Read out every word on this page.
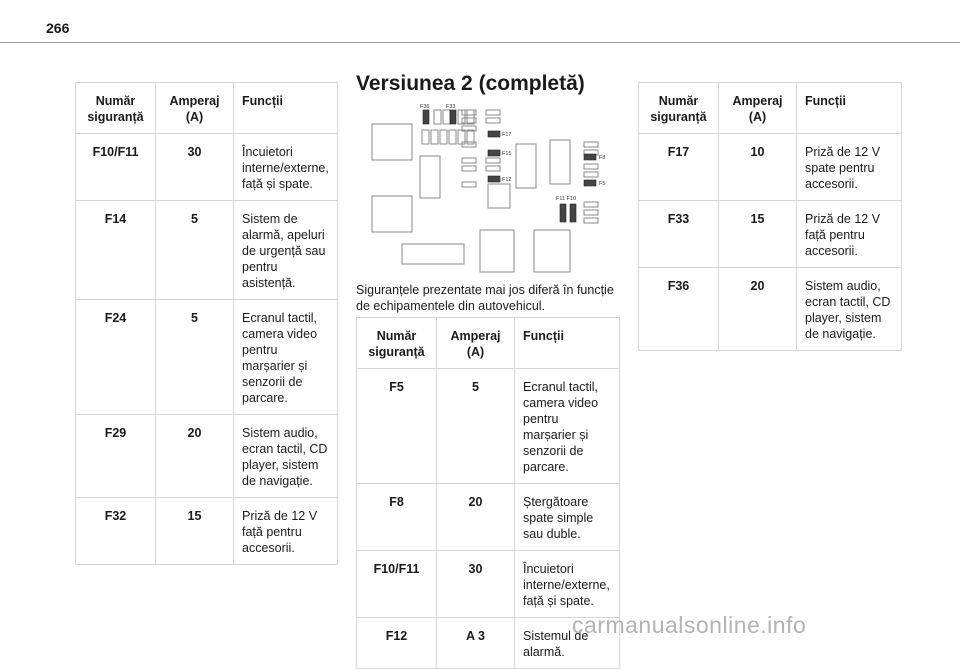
266
Număr siguranță	Amperaj (A)	Funcții
F10/F11	30	Încuietori interne/externe, față și spate.
F14	5	Sistem de alarmă, apeluri de urgență sau pentru asistență.
F24	5	Ecranul tactil, camera video pentru marșarier și senzorii de parcare.
F29	20	Sistem audio, ecran tactil, CD player, sistem de navigație.
F32	15	Priză de 12 V față pentru accesorii.
Versiunea 2 (completă)
F36	F33
F17
F15
F12
F8
F5
F11 F10
Siguranțele prezentate mai jos diferă în funcție de echipamentele din autovehicul.
Număr siguranță	Amperaj (A)	Funcții
F5	5	Ecranul tactil, camera video pentru marșarier și senzorii de parcare.
F8	20	Ștergătoare spate simple sau duble.
F10/F11	30	Încuietori interne/externe, față și spate.
F12	A 3	Sistemul de alarmă.
Număr siguranță	Amperaj (A)	Funcții
F17	10	Priză de 12 V spate pentru accesorii.
F33	15	Priză de 12 V față pentru accesorii.
F36	20	Sistem audio, ecran tactil, CD player, sistem de navigație.
carmanualsonline.info
